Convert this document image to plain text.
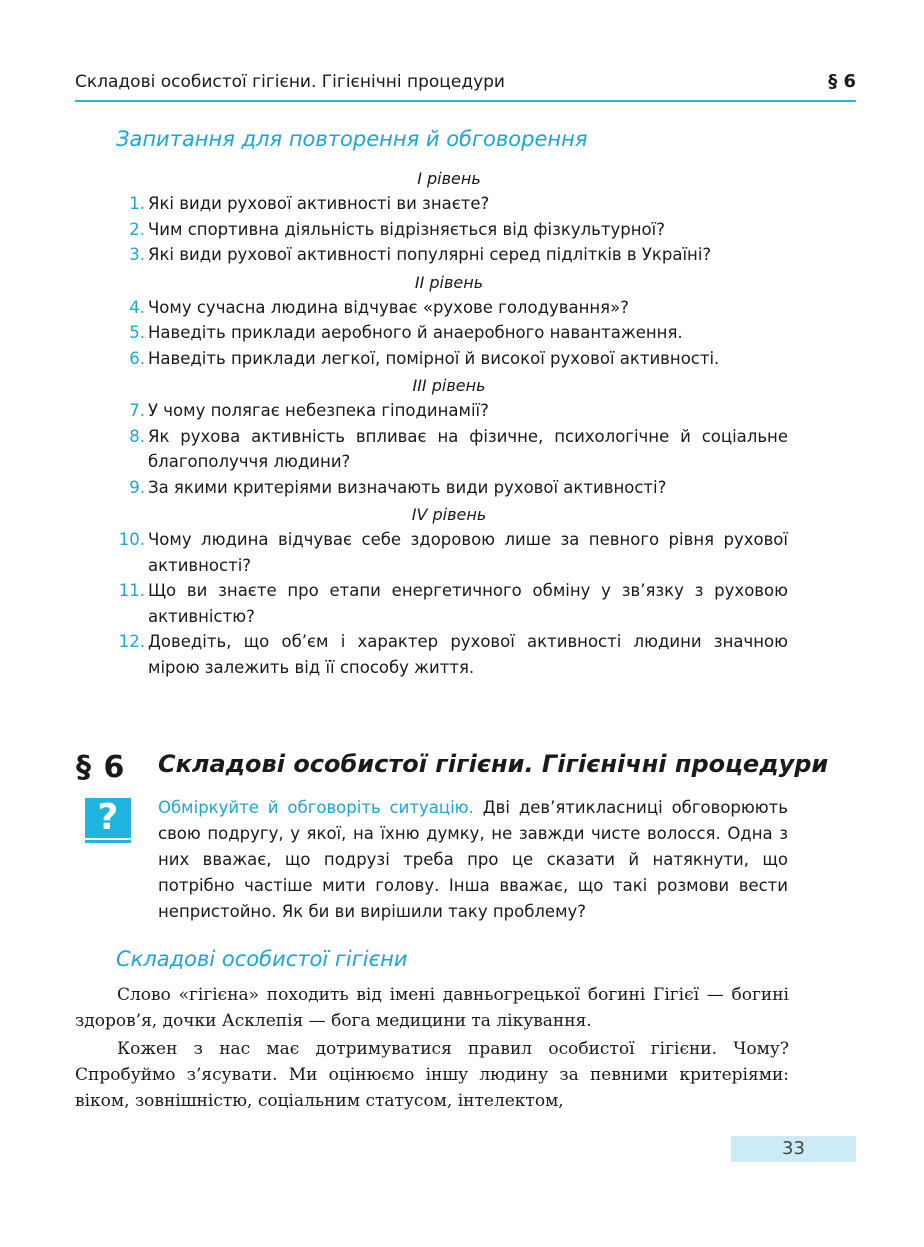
Складові особистої гігієни. Гігієнічні процедури	§ 6
Запитання для повторення й обговорення
I рівень
1. Які види рухової активності ви знаєте?
2. Чим спортивна діяльність відрізняється від фізкультурної?
3. Які види рухової активності популярні серед підлітків в Україні?
II рівень
4. Чому сучасна людина відчуває «рухове голодування»?
5. Наведіть приклади аеробного й анаеробного навантаження.
6. Наведіть приклади легкої, помірної й високої рухової активності.
III рівень
7. У чому полягає небезпека гіподинамії?
8. Як рухова активність впливає на фізичне, психологічне й соціальне благополуччя людини?
9. За якими критеріями визначають види рухової активності?
IV рівень
10. Чому людина відчуває себе здоровою лише за певного рівня рухової активності?
11. Що ви знаєте про етапи енергетичного обміну у зв’язку з руховою активністю?
12. Доведіть, що об’єм і характер рухової активності людини значною мірою залежить від її способу життя.
§ 6 Складові особистої гігієни. Гігієнічні процедури
?	Обміркуйте й обговоріть ситуацію. Дві дев’ятикласниці обговорюють свою подругу, у якої, на їхню думку, не завжди чисте волосся. Одна з них вважає, що подрузі треба про це сказати й натякнути, що потрібно частіше мити голову. Інша вважає, що такі розмови вести непристойно. Як би ви вирішили таку проблему?
Складові особистої гігієни

Слово «гігієна» походить від імені давньогрецької богині Гігієї — богині здоров’я, дочки Асклепія — бога медицини та лікування.

Кожен з нас має дотримуватися правил особистої гігієни. Чому? Спробуймо з’ясувати. Ми оцінюємо іншу людину за певними критеріями: віком, зовнішністю, соціальним статусом, інтелектом,

33
